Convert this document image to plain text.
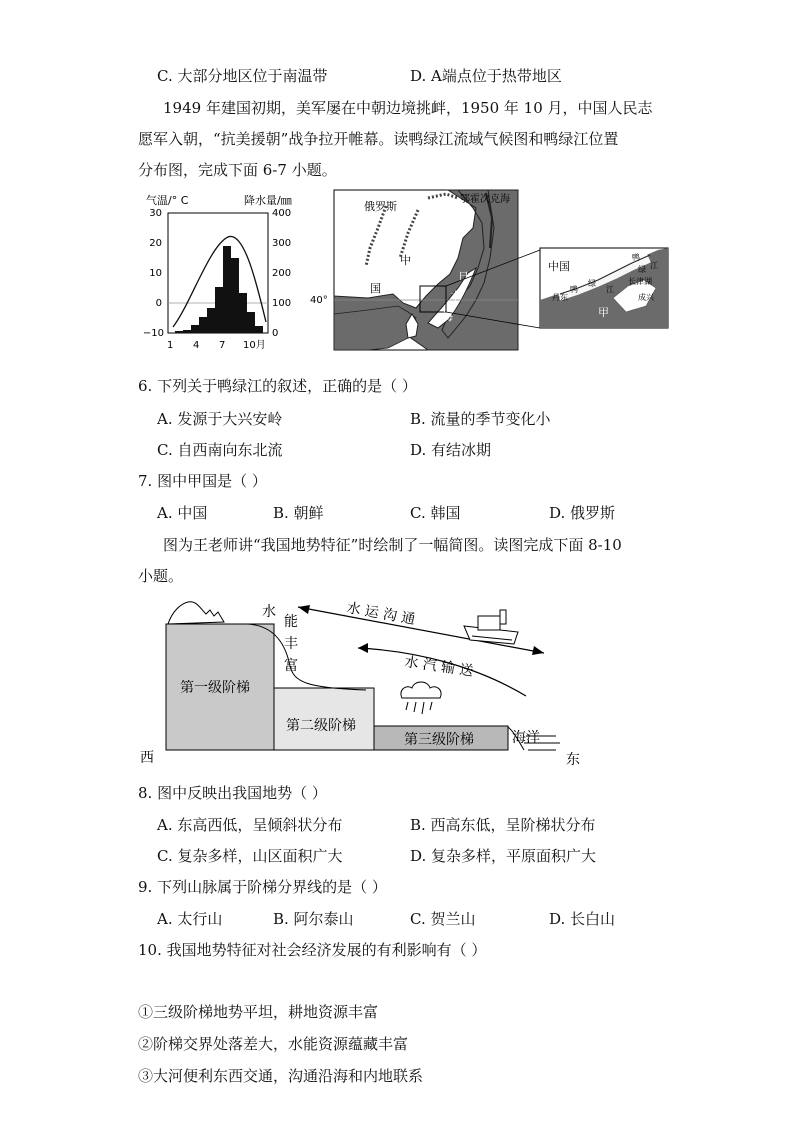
C. 大部分地区位于南温带	D. A端点位于热带地区
1949 年建国初期，美军屡在中朝边境挑衅，1950 年 10 月，中国人民志
愿军入朝，“抗美援朝”战争拉开帷幕。读鸭绿江流域气候图和鸭绿江位置
分布图，完成下面 6-7 小题。
气温/° C	降水量/㎜
30
20
10
0
−10
400
300
200
100
0
1 4 7 10月
俄罗斯
鄂霍次克海
中
国
日
本
海
40°
中国
甲
鸭
绿 江
丹东
鸭
绿
江
长津湖
成兴
6. 下列关于鸭绿江的叙述，正确的是（ ）
A. 发源于大兴安岭	B. 流量的季节变化小
C. 自西南向东北流	D. 有结冰期
7. 图中甲国是（ ）
A. 中国	B. 朝鲜	C. 韩国	D. 俄罗斯
图为王老师讲“我国地势特征”时绘制了一幅简图。读图完成下面 8-10
小题。
第一级阶梯
第二级阶梯
第三级阶梯
水
能
丰
富
水 运 沟 通
水 汽 输 送
海洋
西	东
8. 图中反映出我国地势（ ）
A. 东高西低，呈倾斜状分布	B. 西高东低，呈阶梯状分布
C. 复杂多样，山区面积广大	D. 复杂多样，平原面积广大
9. 下列山脉属于阶梯分界线的是（ ）
A. 太行山	B. 阿尔泰山	C. 贺兰山	D. 长白山
10. 我国地势特征对社会经济发展的有利影响有（ ）
①三级阶梯地势平坦，耕地资源丰富
②阶梯交界处落差大，水能资源蕴藏丰富
③大河便利东西交通，沟通沿海和内地联系
